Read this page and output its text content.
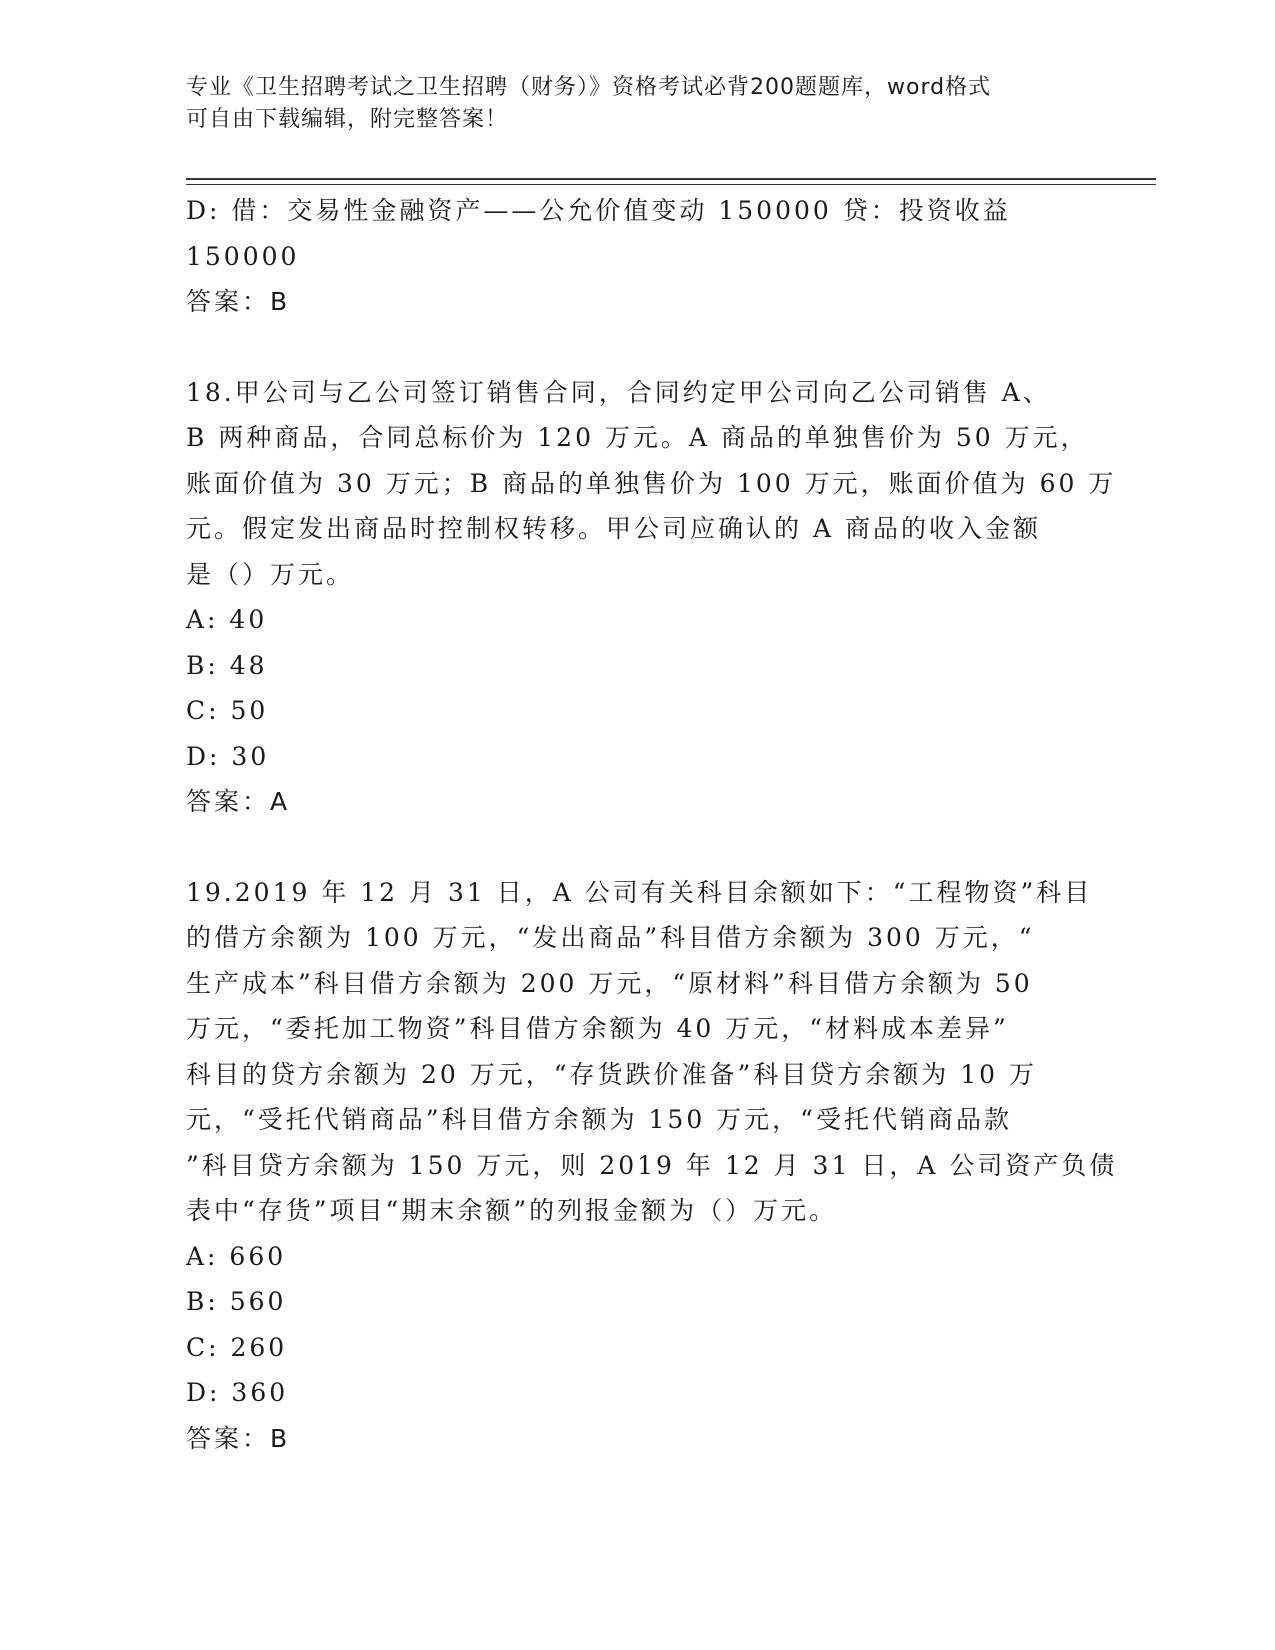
专业《卫生招聘考试之卫生招聘（财务）》资格考试必背200题题库，word格式
可自由下载编辑，附完整答案！
D: 借：交易性金融资产——公允价值变动 150000 贷：投资收益
150000
答案：B
18.甲公司与乙公司签订销售合同，合同约定甲公司向乙公司销售 A、
B 两种商品，合同总标价为 120 万元。A 商品的单独售价为 50 万元，
账面价值为 30 万元；B 商品的单独售价为 100 万元，账面价值为 60 万
元。假定发出商品时控制权转移。甲公司应确认的 A 商品的收入金额
是（）万元。
A: 40
B: 48
C: 50
D: 30
答案：A
19.2019 年 12 月 31 日，A 公司有关科目余额如下：“工程物资”科目
的借方余额为 100 万元，“发出商品”科目借方余额为 300 万元，“
生产成本”科目借方余额为 200 万元，“原材料”科目借方余额为 50
万元，“委托加工物资”科目借方余额为 40 万元，“材料成本差异”
科目的贷方余额为 20 万元，“存货跌价准备”科目贷方余额为 10 万
元，“受托代销商品”科目借方余额为 150 万元，“受托代销商品款
”科目贷方余额为 150 万元，则 2019 年 12 月 31 日，A 公司资产负债
表中“存货”项目“期末余额”的列报金额为（）万元。
A: 660
B: 560
C: 260
D: 360
答案：B
